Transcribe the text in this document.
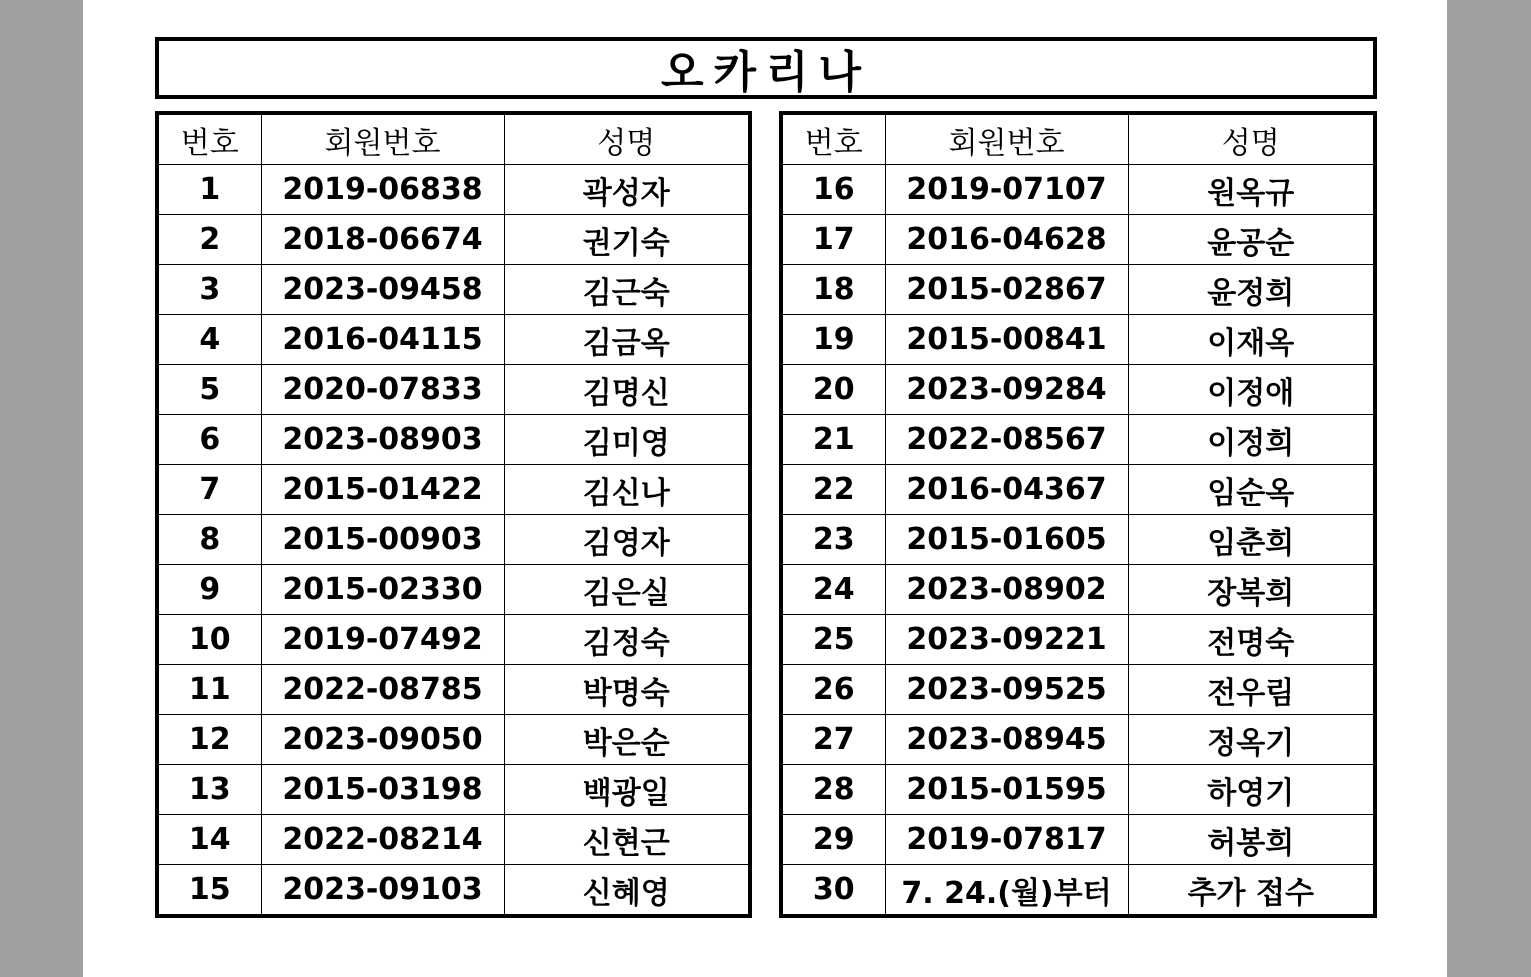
오카리나
번호	회원번호	성명
1	2019-06838	곽성자
2	2018-06674	권기숙
3	2023-09458	김근숙
4	2016-04115	김금옥
5	2020-07833	김명신
6	2023-08903	김미영
7	2015-01422	김신나
8	2015-00903	김영자
9	2015-02330	김은실
10	2019-07492	김정숙
11	2022-08785	박명숙
12	2023-09050	박은순
13	2015-03198	백광일
14	2022-08214	신현근
15	2023-09103	신혜영
번호	회원번호	성명
16	2019-07107	원옥규
17	2016-04628	윤공순
18	2015-02867	윤정희
19	2015-00841	이재옥
20	2023-09284	이정애
21	2022-08567	이정희
22	2016-04367	임순옥
23	2015-01605	임춘희
24	2023-08902	장복희
25	2023-09221	전명숙
26	2023-09525	전우림
27	2023-08945	정옥기
28	2015-01595	하영기
29	2019-07817	허봉희
30	7. 24.(월)부터	추가 접수
